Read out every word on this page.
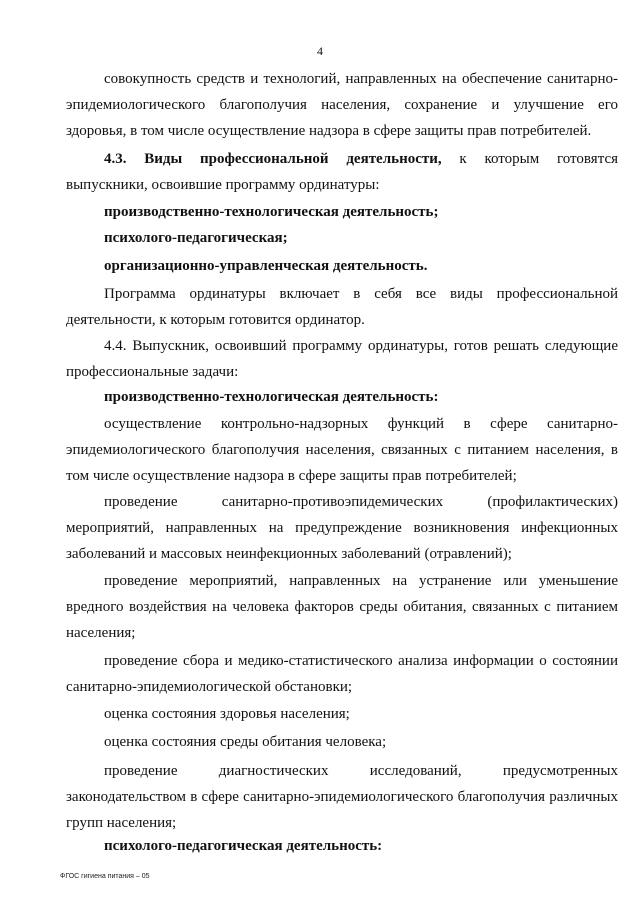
4
совокупность средств и технологий, направленных на обеспечение санитарно-эпидемиологического благополучия населения, сохранение и улучшение его здоровья, в том числе осуществление надзора в сфере защиты прав потребителей.
4.3. Виды профессиональной деятельности, к которым готовятся выпускники, освоившие программу ординатуры:
производственно-технологическая деятельность;
психолого-педагогическая;
организационно-управленческая деятельность.
Программа ординатуры включает в себя все виды профессиональной деятельности, к которым готовится ординатор.
4.4. Выпускник, освоивший программу ординатуры, готов решать следующие профессиональные задачи:
производственно-технологическая деятельность:
осуществление контрольно-надзорных функций в сфере санитарно-эпидемиологического благополучия населения, связанных с питанием населения, в том числе осуществление надзора в сфере защиты прав потребителей;
проведение санитарно-противоэпидемических (профилактических) мероприятий, направленных на предупреждение возникновения инфекционных заболеваний и массовых неинфекционных заболеваний (отравлений);
проведение мероприятий, направленных на устранение или уменьшение вредного воздействия на человека факторов среды обитания, связанных с питанием населения;
проведение сбора и медико-статистического анализа информации о состоянии санитарно-эпидемиологической обстановки;
оценка состояния здоровья населения;
оценка состояния среды обитания человека;
проведение диагностических исследований, предусмотренных законодательством в сфере санитарно-эпидемиологического благополучия различных групп населения;
психолого-педагогическая деятельность:
ФГОС гигиена питания – 05
